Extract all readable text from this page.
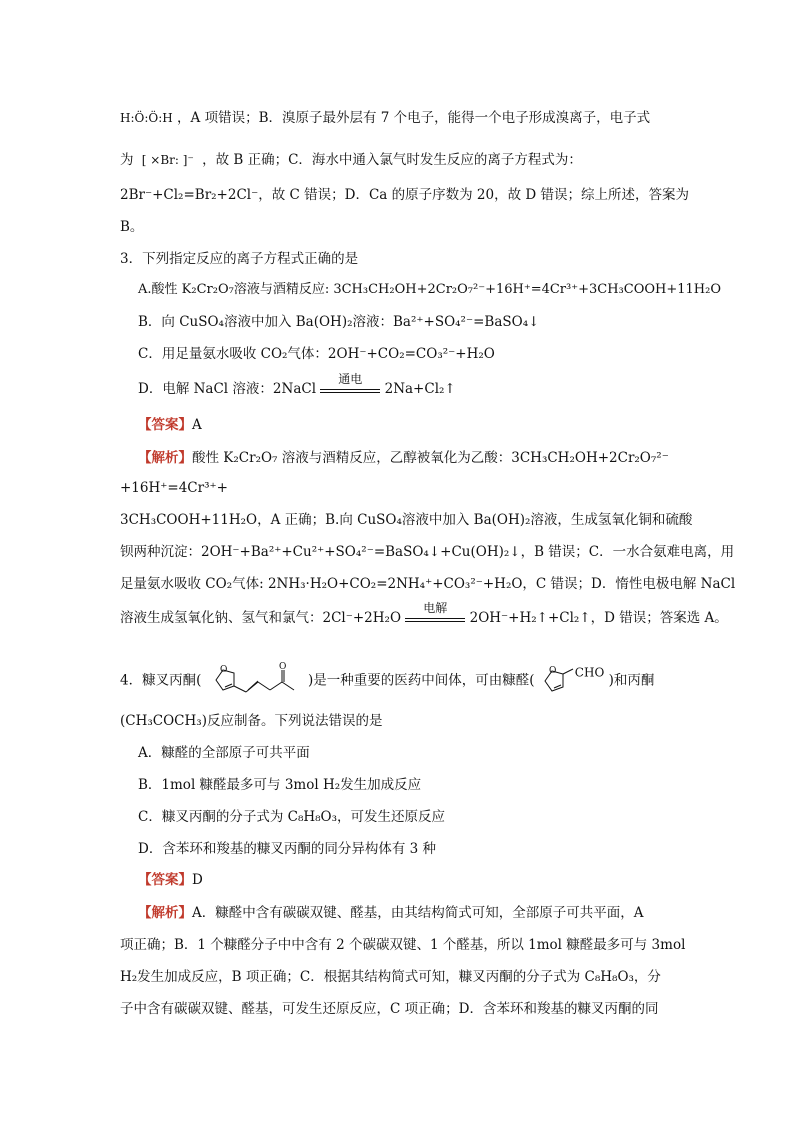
H:Ö:Ö:H ，A 项错误；B．溴原子最外层有 7 个电子，能得一个电子形成溴离子，电子式
为 [ ×Br: ]⁻ ，故 B 正确；C．海水中通入氯气时发生反应的离子方程式为：
2Br⁻+Cl₂=Br₂+2Cl⁻，故 C 错误；D．Ca 的原子序数为 20，故 D 错误；综上所述，答案为
B。
3．下列指定反应的离子方程式正确的是
A.酸性 K₂Cr₂O₇溶液与酒精反应: 3CH₃CH₂OH+2Cr₂O₇²⁻+16H⁺=4Cr³⁺+3CH₃COOH+11H₂O
B．向 CuSO₄溶液中加入 Ba(OH)₂溶液：Ba²⁺+SO₄²⁻=BaSO₄↓
C．用足量氨水吸收 CO₂气体：2OH⁻+CO₂=CO₃²⁻+H₂O
D．电解 NaCl 溶液：2NaCl
通电
2Na+Cl₂↑
【答案】A
【解析】酸性 K₂Cr₂O₇ 溶液与酒精反应，乙醇被氧化为乙酸：3CH₃CH₂OH+2Cr₂O₇²⁻
+16H⁺=4Cr³⁺+
3CH₃COOH+11H₂O，A 正确；B.向 CuSO₄溶液中加入 Ba(OH)₂溶液，生成氢氧化铜和硫酸
钡两种沉淀：2OH⁻+Ba²⁺+Cu²⁺+SO₄²⁻=BaSO₄↓+Cu(OH)₂↓，B 错误；C．一水合氨难电离，用
足量氨水吸收 CO₂气体: 2NH₃·H₂O+CO₂=2NH₄⁺+CO₃²⁻+H₂O，C 错误；D．惰性电极电解 NaCl
溶液生成氢氧化钠、氢气和氯气：2Cl⁻+2H₂O
电解
2OH⁻+H₂↑+Cl₂↑，D 错误；答案选 A。
4．糠叉丙酮(
O	O
)是一种重要的医药中间体，可由糠醛(
O CHO )和丙酮
(CH₃COCH₃)反应制备。下列说法错误的是
A．糠醛的全部原子可共平面
B．1mol 糠醛最多可与 3mol H₂发生加成反应
C．糠叉丙酮的分子式为 C₈H₈O₃，可发生还原反应
D．含苯环和羧基的糠叉丙酮的同分异构体有 3 种
【答案】D
【解析】A．糠醛中含有碳碳双键、醛基，由其结构简式可知，全部原子可共平面，A
项正确；B．1 个糠醛分子中中含有 2 个碳碳双键、1 个醛基，所以 1mol 糠醛最多可与 3mol
H₂发生加成反应，B 项正确；C．根据其结构简式可知，糠叉丙酮的分子式为 C₈H₈O₃，分
子中含有碳碳双键、醛基，可发生还原反应，C 项正确；D．含苯环和羧基的糠叉丙酮的同
